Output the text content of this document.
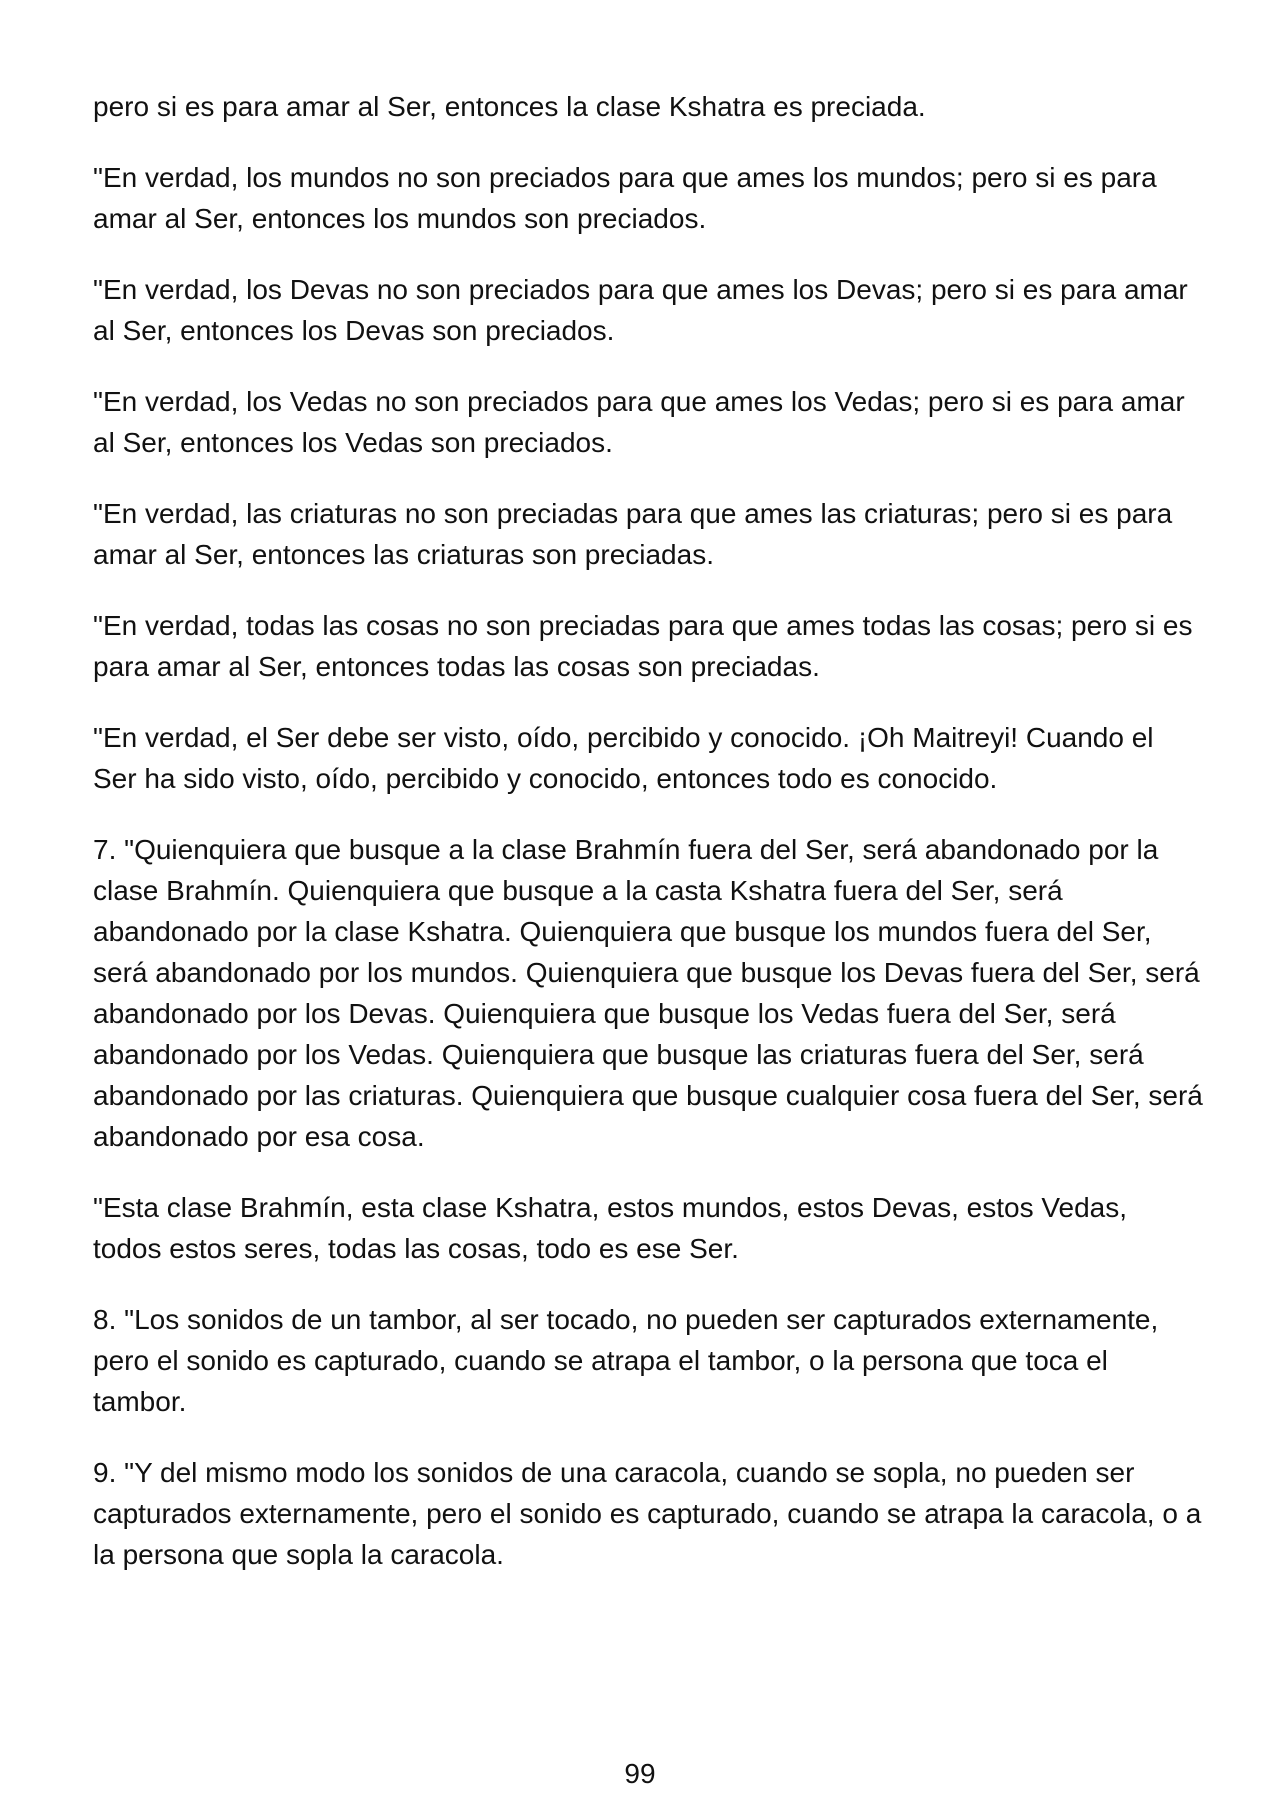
pero si es para amar al Ser, entonces la clase Kshatra es preciada.

"En verdad, los mundos no son preciados para que ames los mundos; pero si es para amar al Ser, entonces los mundos son preciados.

"En verdad, los Devas no son preciados para que ames los Devas; pero si es para amar al Ser, entonces los Devas son preciados.

"En verdad, los Vedas no son preciados para que ames los Vedas; pero si es para amar al Ser, entonces los Vedas son preciados.

"En verdad, las criaturas no son preciadas para que ames las criaturas; pero si es para amar al Ser, entonces las criaturas son preciadas.

"En verdad, todas las cosas no son preciadas para que ames todas las cosas; pero si es para amar al Ser, entonces todas las cosas son preciadas.

"En verdad, el Ser debe ser visto, oído, percibido y conocido. ¡Oh Maitreyi! Cuando el Ser ha sido visto, oído, percibido y conocido, entonces todo es conocido.

7. "Quienquiera que busque a la clase Brahmín fuera del Ser, será abandonado por la clase Brahmín. Quienquiera que busque a la casta Kshatra fuera del Ser, será abandonado por la clase Kshatra. Quienquiera que busque los mundos fuera del Ser, será abandonado por los mundos. Quienquiera que busque los Devas fuera del Ser, será abandonado por los Devas. Quienquiera que busque los Vedas fuera del Ser, será abandonado por los Vedas. Quienquiera que busque las criaturas fuera del Ser, será abandonado por las criaturas. Quienquiera que busque cualquier cosa fuera del Ser, será abandonado por esa cosa.

"Esta clase Brahmín, esta clase Kshatra, estos mundos, estos Devas, estos Vedas, todos estos seres, todas las cosas, todo es ese Ser.

8. "Los sonidos de un tambor, al ser tocado, no pueden ser capturados externamente, pero el sonido es capturado, cuando se atrapa el tambor, o la persona que toca el tambor.

9. "Y del mismo modo los sonidos de una caracola, cuando se sopla, no pueden ser capturados externamente, pero el sonido es capturado, cuando se atrapa la caracola, o a la persona que sopla la caracola.

99
